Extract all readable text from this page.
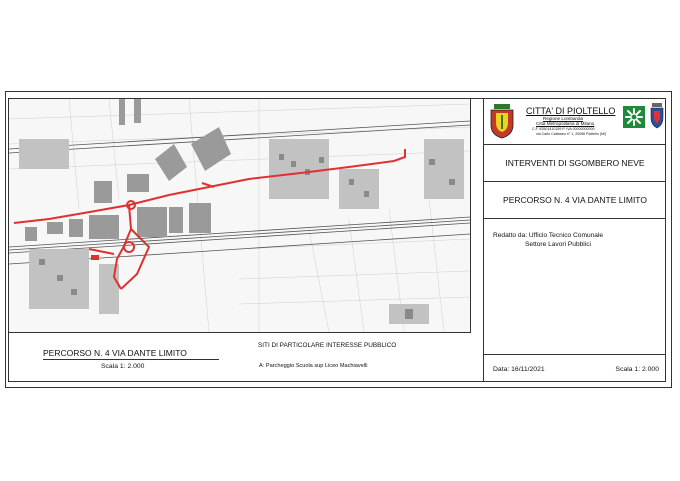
CITTA' DI PIOLTELLO
Regione Lombardia
Città Metropolitana di Milano
C.F. 83501410159 P. IVA 00000000000
via Carlo Cattaneo n° 1, 20096 Pioltello (MI)
INTERVENTI DI SGOMBERO NEVE
PERCORSO N. 4 VIA DANTE LIMITO
Redatto da: Ufficio Tecnico Comunale
Settore Lavori Pubblici
Data: 16/11/2021	Scala 1: 2.000
PERCORSO N. 4 VIA DANTE LIMITO
Scala 1: 2.000
SITI DI PARTICOLARE INTERESSE PUBBLICO
A: Parcheggio Scuola sup Liceo Machiavelli
